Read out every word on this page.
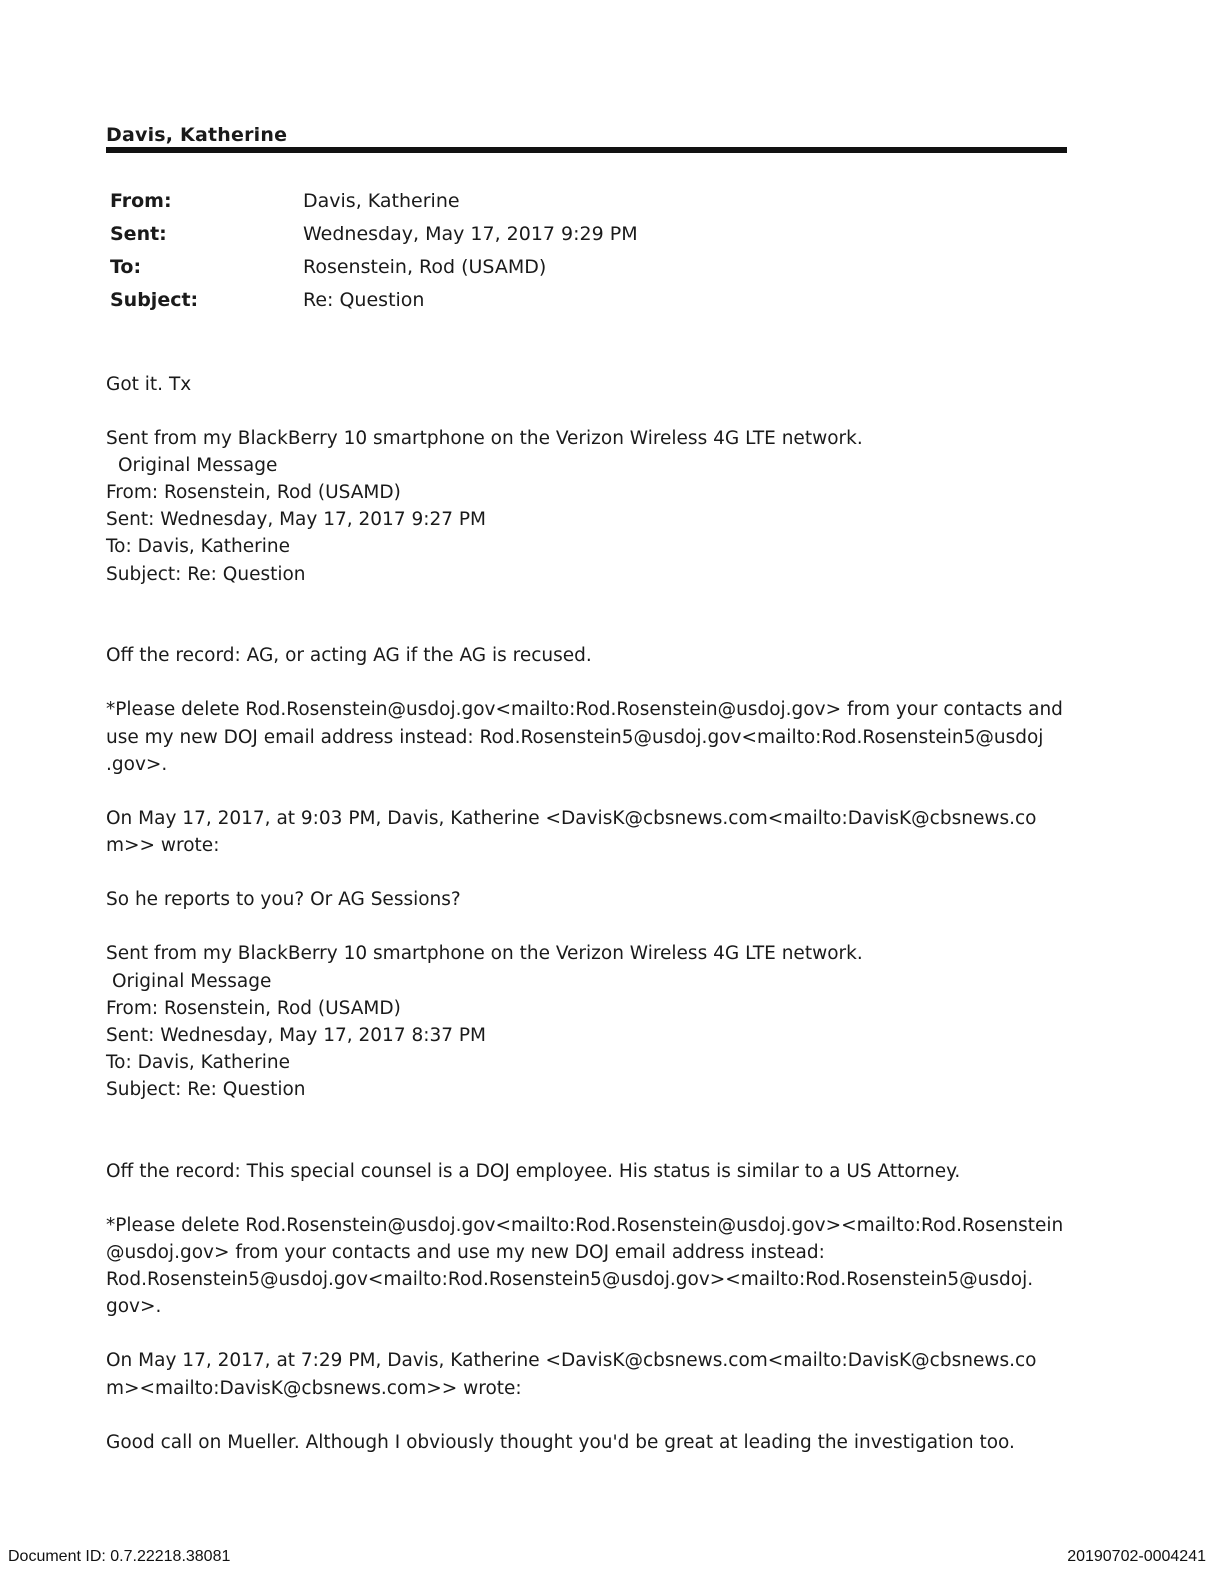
Davis, Katherine
From:	Davis, Katherine
Sent:	Wednesday, May 17, 2017 9:29 PM
To:	Rosenstein, Rod (USAMD)
Subject:	Re: Question
Got it. Tx
Sent from my BlackBerry 10 smartphone on the Verizon Wireless 4G LTE network.
Original Message
From: Rosenstein, Rod (USAMD)
Sent: Wednesday, May 17, 2017 9:27 PM
To: Davis, Katherine
Subject: Re: Question
Off the record: AG, or acting AG if the AG is recused.
*Please delete Rod.Rosenstein@usdoj.gov<mailto:Rod.Rosenstein@usdoj.gov> from your contacts and
use my new DOJ email address instead: Rod.Rosenstein5@usdoj.gov<mailto:Rod.Rosenstein5@usdoj
.gov>.
On May 17, 2017, at 9:03 PM, Davis, Katherine <DavisK@cbsnews.com<mailto:DavisK@cbsnews.co
m>> wrote:
So he reports to you? Or AG Sessions?
Sent from my BlackBerry 10 smartphone on the Verizon Wireless 4G LTE network.
Original Message
From: Rosenstein, Rod (USAMD)
Sent: Wednesday, May 17, 2017 8:37 PM
To: Davis, Katherine
Subject: Re: Question
Off the record: This special counsel is a DOJ employee. His status is similar to a US Attorney.
*Please delete Rod.Rosenstein@usdoj.gov<mailto:Rod.Rosenstein@usdoj.gov><mailto:Rod.Rosenstein
@usdoj.gov> from your contacts and use my new DOJ email address instead:
Rod.Rosenstein5@usdoj.gov<mailto:Rod.Rosenstein5@usdoj.gov><mailto:Rod.Rosenstein5@usdoj.
gov>.
On May 17, 2017, at 7:29 PM, Davis, Katherine <DavisK@cbsnews.com<mailto:DavisK@cbsnews.co
m><mailto:DavisK@cbsnews.com>> wrote:
Good call on Mueller. Although I obviously thought you'd be great at leading the investigation too.
Document ID: 0.7.22218.38081	20190702-0004241
